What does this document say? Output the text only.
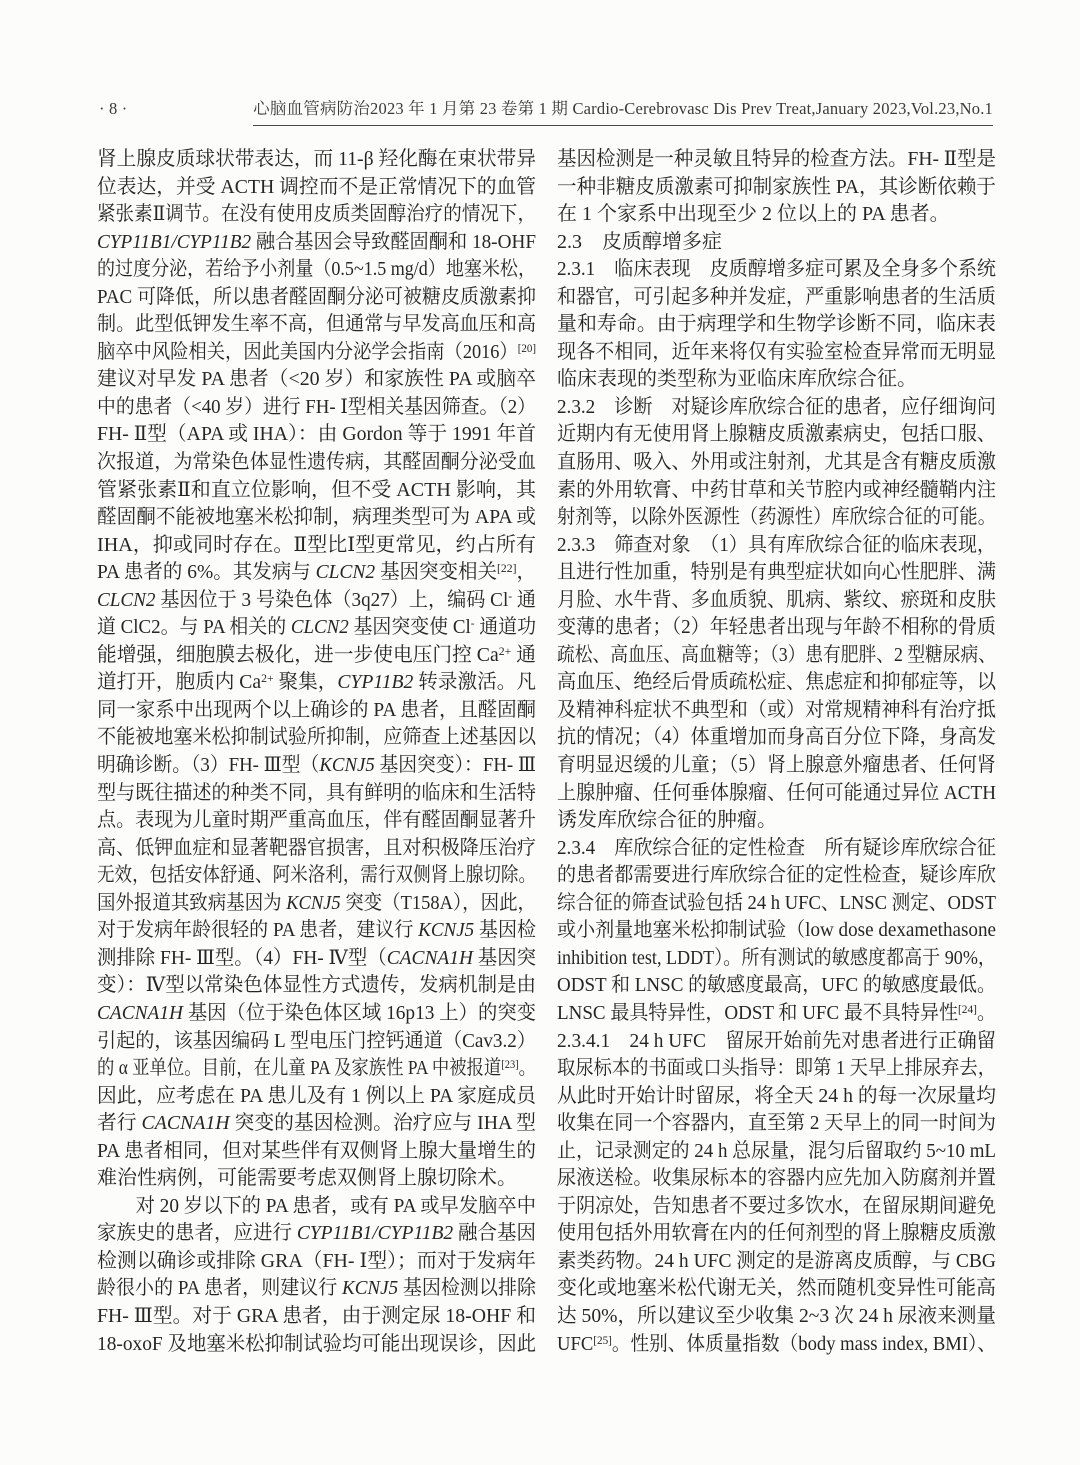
· 8 ·	心脑血管病防治2023 年 1 月第 23 卷第 1 期 Cardio-Cerebrovasc Dis Prev Treat,January 2023,Vol.23,No.1
肾上腺皮质球状带表达，而 11-β 羟化酶在束状带异
位表达，并受 ACTH 调控而不是正常情况下的血管
紧张素Ⅱ调节。在没有使用皮质类固醇治疗的情况下，
CYP11B1/CYP11B2 融合基因会导致醛固酮和 18-OHF
的过度分泌，若给予小剂量（0.5~1.5 mg/d）地塞米松，
PAC 可降低，所以患者醛固酮分泌可被糖皮质激素抑
制。此型低钾发生率不高，但通常与早发高血压和高
脑卒中风险相关，因此美国内分泌学会指南（2016）[20]
建议对早发 PA 患者（<20 岁）和家族性 PA 或脑卒
中的患者（<40 岁）进行 FH- Ⅰ型相关基因筛查。（2）
FH- Ⅱ型（APA 或 IHA）：由 Gordon 等于 1991 年首
次报道，为常染色体显性遗传病，其醛固酮分泌受血
管紧张素Ⅱ和直立位影响，但不受 ACTH 影响，其
醛固酮不能被地塞米松抑制，病理类型可为 APA 或
IHA，抑或同时存在。Ⅱ型比Ⅰ型更常见，约占所有
PA 患者的 6%。其发病与 CLCN2 基因突变相关[22]，
CLCN2 基因位于 3 号染色体（3q27）上，编码 Cl- 通
道 ClC2。与 PA 相关的 CLCN2 基因突变使 Cl- 通道功
能增强，细胞膜去极化，进一步使电压门控 $Ca^{2+}$ 通
道打开，胞质内 $Ca^{2+}$ 聚集，CYP11B2 转录激活。凡
同一家系中出现两个以上确诊的 PA 患者，且醛固酮
不能被地塞米松抑制试验所抑制，应筛查上述基因以
明确诊断。（3）FH- Ⅲ型（KCNJ5 基因突变）：FH- Ⅲ
型与既往描述的种类不同，具有鲜明的临床和生活特
点。表现为儿童时期严重高血压，伴有醛固酮显著升
高、低钾血症和显著靶器官损害，且对积极降压治疗
无效，包括安体舒通、阿米洛利，需行双侧肾上腺切除。
国外报道其致病基因为 KCNJ5 突变（T158A），因此，
对于发病年龄很轻的 PA 患者，建议行 KCNJ5 基因检
测排除 FH- Ⅲ型。（4）FH- Ⅳ型（CACNA1H 基因突
变）：Ⅳ型以常染色体显性方式遗传，发病机制是由
CACNA1H 基因（位于染色体区域 16p13 上）的突变
引起的，该基因编码 L 型电压门控钙通道（Cav3.2）
的 α 亚单位。目前，在儿童 PA 及家族性 PA 中被报道[23]。
因此，应考虑在 PA 患儿及有 1 例以上 PA 家庭成员
者行 CACNA1H 突变的基因检测。治疗应与 IHA 型
PA 患者相同，但对某些伴有双侧肾上腺大量增生的
难治性病例，可能需要考虑双侧肾上腺切除术。
　　对 20 岁以下的 PA 患者，或有 PA 或早发脑卒中
家族史的患者，应进行 CYP11B1/CYP11B2 融合基因
检测以确诊或排除 GRA（FH- Ⅰ型）；而对于发病年
龄很小的 PA 患者，则建议行 KCNJ5 基因检测以排除
FH- Ⅲ型。对于 GRA 患者，由于测定尿 18-OHF 和
18-oxoF 及地塞米松抑制试验均可能出现误诊，因此
基因检测是一种灵敏且特异的检查方法。FH- Ⅱ型是
一种非糖皮质激素可抑制家族性 PA，其诊断依赖于
在 1 个家系中出现至少 2 位以上的 PA 患者。
2.3　皮质醇增多症
2.3.1　临床表现　皮质醇增多症可累及全身多个系统
和器官，可引起多种并发症，严重影响患者的生活质
量和寿命。由于病理学和生物学诊断不同，临床表
现各不相同，近年来将仅有实验室检查异常而无明显
临床表现的类型称为亚临床库欣综合征。
2.3.2　诊断　对疑诊库欣综合征的患者，应仔细询问
近期内有无使用肾上腺糖皮质激素病史，包括口服、
直肠用、吸入、外用或注射剂，尤其是含有糖皮质激
素的外用软膏、中药甘草和关节腔内或神经髓鞘内注
射剂等，以除外医源性（药源性）库欣综合征的可能。
2.3.3　筛查对象　（1）具有库欣综合征的临床表现，
且进行性加重，特别是有典型症状如向心性肥胖、满
月脸、水牛背、多血质貌、肌病、紫纹、瘀斑和皮肤
变薄的患者；（2）年轻患者出现与年龄不相称的骨质
疏松、高血压、高血糖等；（3）患有肥胖、2 型糖尿病、
高血压、绝经后骨质疏松症、焦虑症和抑郁症等，以
及精神科症状不典型和（或）对常规精神科有治疗抵
抗的情况；（4）体重增加而身高百分位下降，身高发
育明显迟缓的儿童；（5）肾上腺意外瘤患者、任何肾
上腺肿瘤、任何垂体腺瘤、任何可能通过异位 ACTH
诱发库欣综合征的肿瘤。
2.3.4　库欣综合征的定性检查　所有疑诊库欣综合征
的患者都需要进行库欣综合征的定性检查，疑诊库欣
综合征的筛查试验包括 24 h UFC、LNSC 测定、ODST
或小剂量地塞米松抑制试验（low dose dexamethasone
inhibition test, LDDT）。所有测试的敏感度都高于 90%，
ODST 和 LNSC 的敏感度最高，UFC 的敏感度最低。
LNSC 最具特异性，ODST 和 UFC 最不具特异性[24]。
2.3.4.1　24 h UFC　留尿开始前先对患者进行正确留
取尿标本的书面或口头指导：即第 1 天早上排尿弃去，
从此时开始计时留尿，将全天 24 h 的每一次尿量均
收集在同一个容器内，直至第 2 天早上的同一时间为
止，记录测定的 24 h 总尿量，混匀后留取约 5~10 mL
尿液送检。收集尿标本的容器内应先加入防腐剂并置
于阴凉处，告知患者不要过多饮水，在留尿期间避免
使用包括外用软膏在内的任何剂型的肾上腺糖皮质激
素类药物。24 h UFC 测定的是游离皮质醇，与 CBG
变化或地塞米松代谢无关，然而随机变异性可能高
达 50%，所以建议至少收集 2~3 次 24 h 尿液来测量
UFC[25]。性别、体质量指数（body mass index, BMI）、
